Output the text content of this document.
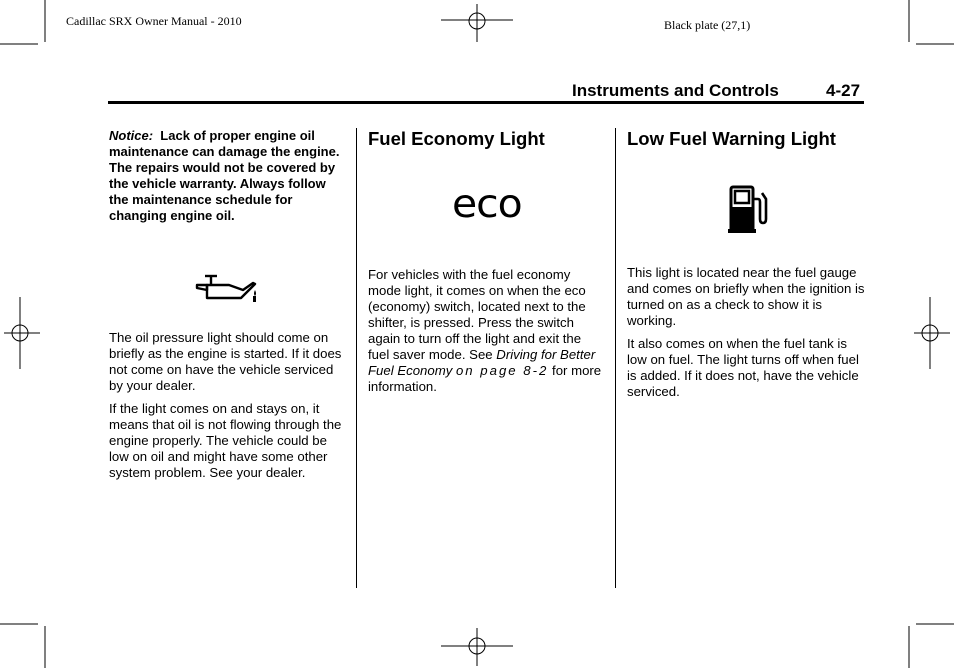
Cadillac SRX Owner Manual - 2010	Black plate (27,1)
Instruments and Controls	4-27
Notice: Lack of proper engine oil maintenance can damage the engine. The repairs would not be covered by the vehicle warranty. Always follow the maintenance schedule for changing engine oil.

The oil pressure light should come on briefly as the engine is started. If it does not come on have the vehicle serviced by your dealer.

If the light comes on and stays on, it means that oil is not flowing through the engine properly. The vehicle could be low on oil and might have some other system problem. See your dealer.

Fuel Economy Light
eco

For vehicles with the fuel economy mode light, it comes on when the eco (economy) switch, located next to the shifter, is pressed. Press the switch again to turn off the light and exit the fuel saver mode. See Driving for Better Fuel Economy on page 8-2 for more information.

Low Fuel Warning Light

This light is located near the fuel gauge and comes on briefly when the ignition is turned on as a check to show it is working.

It also comes on when the fuel tank is low on fuel. The light turns off when fuel is added. If it does not, have the vehicle serviced.
